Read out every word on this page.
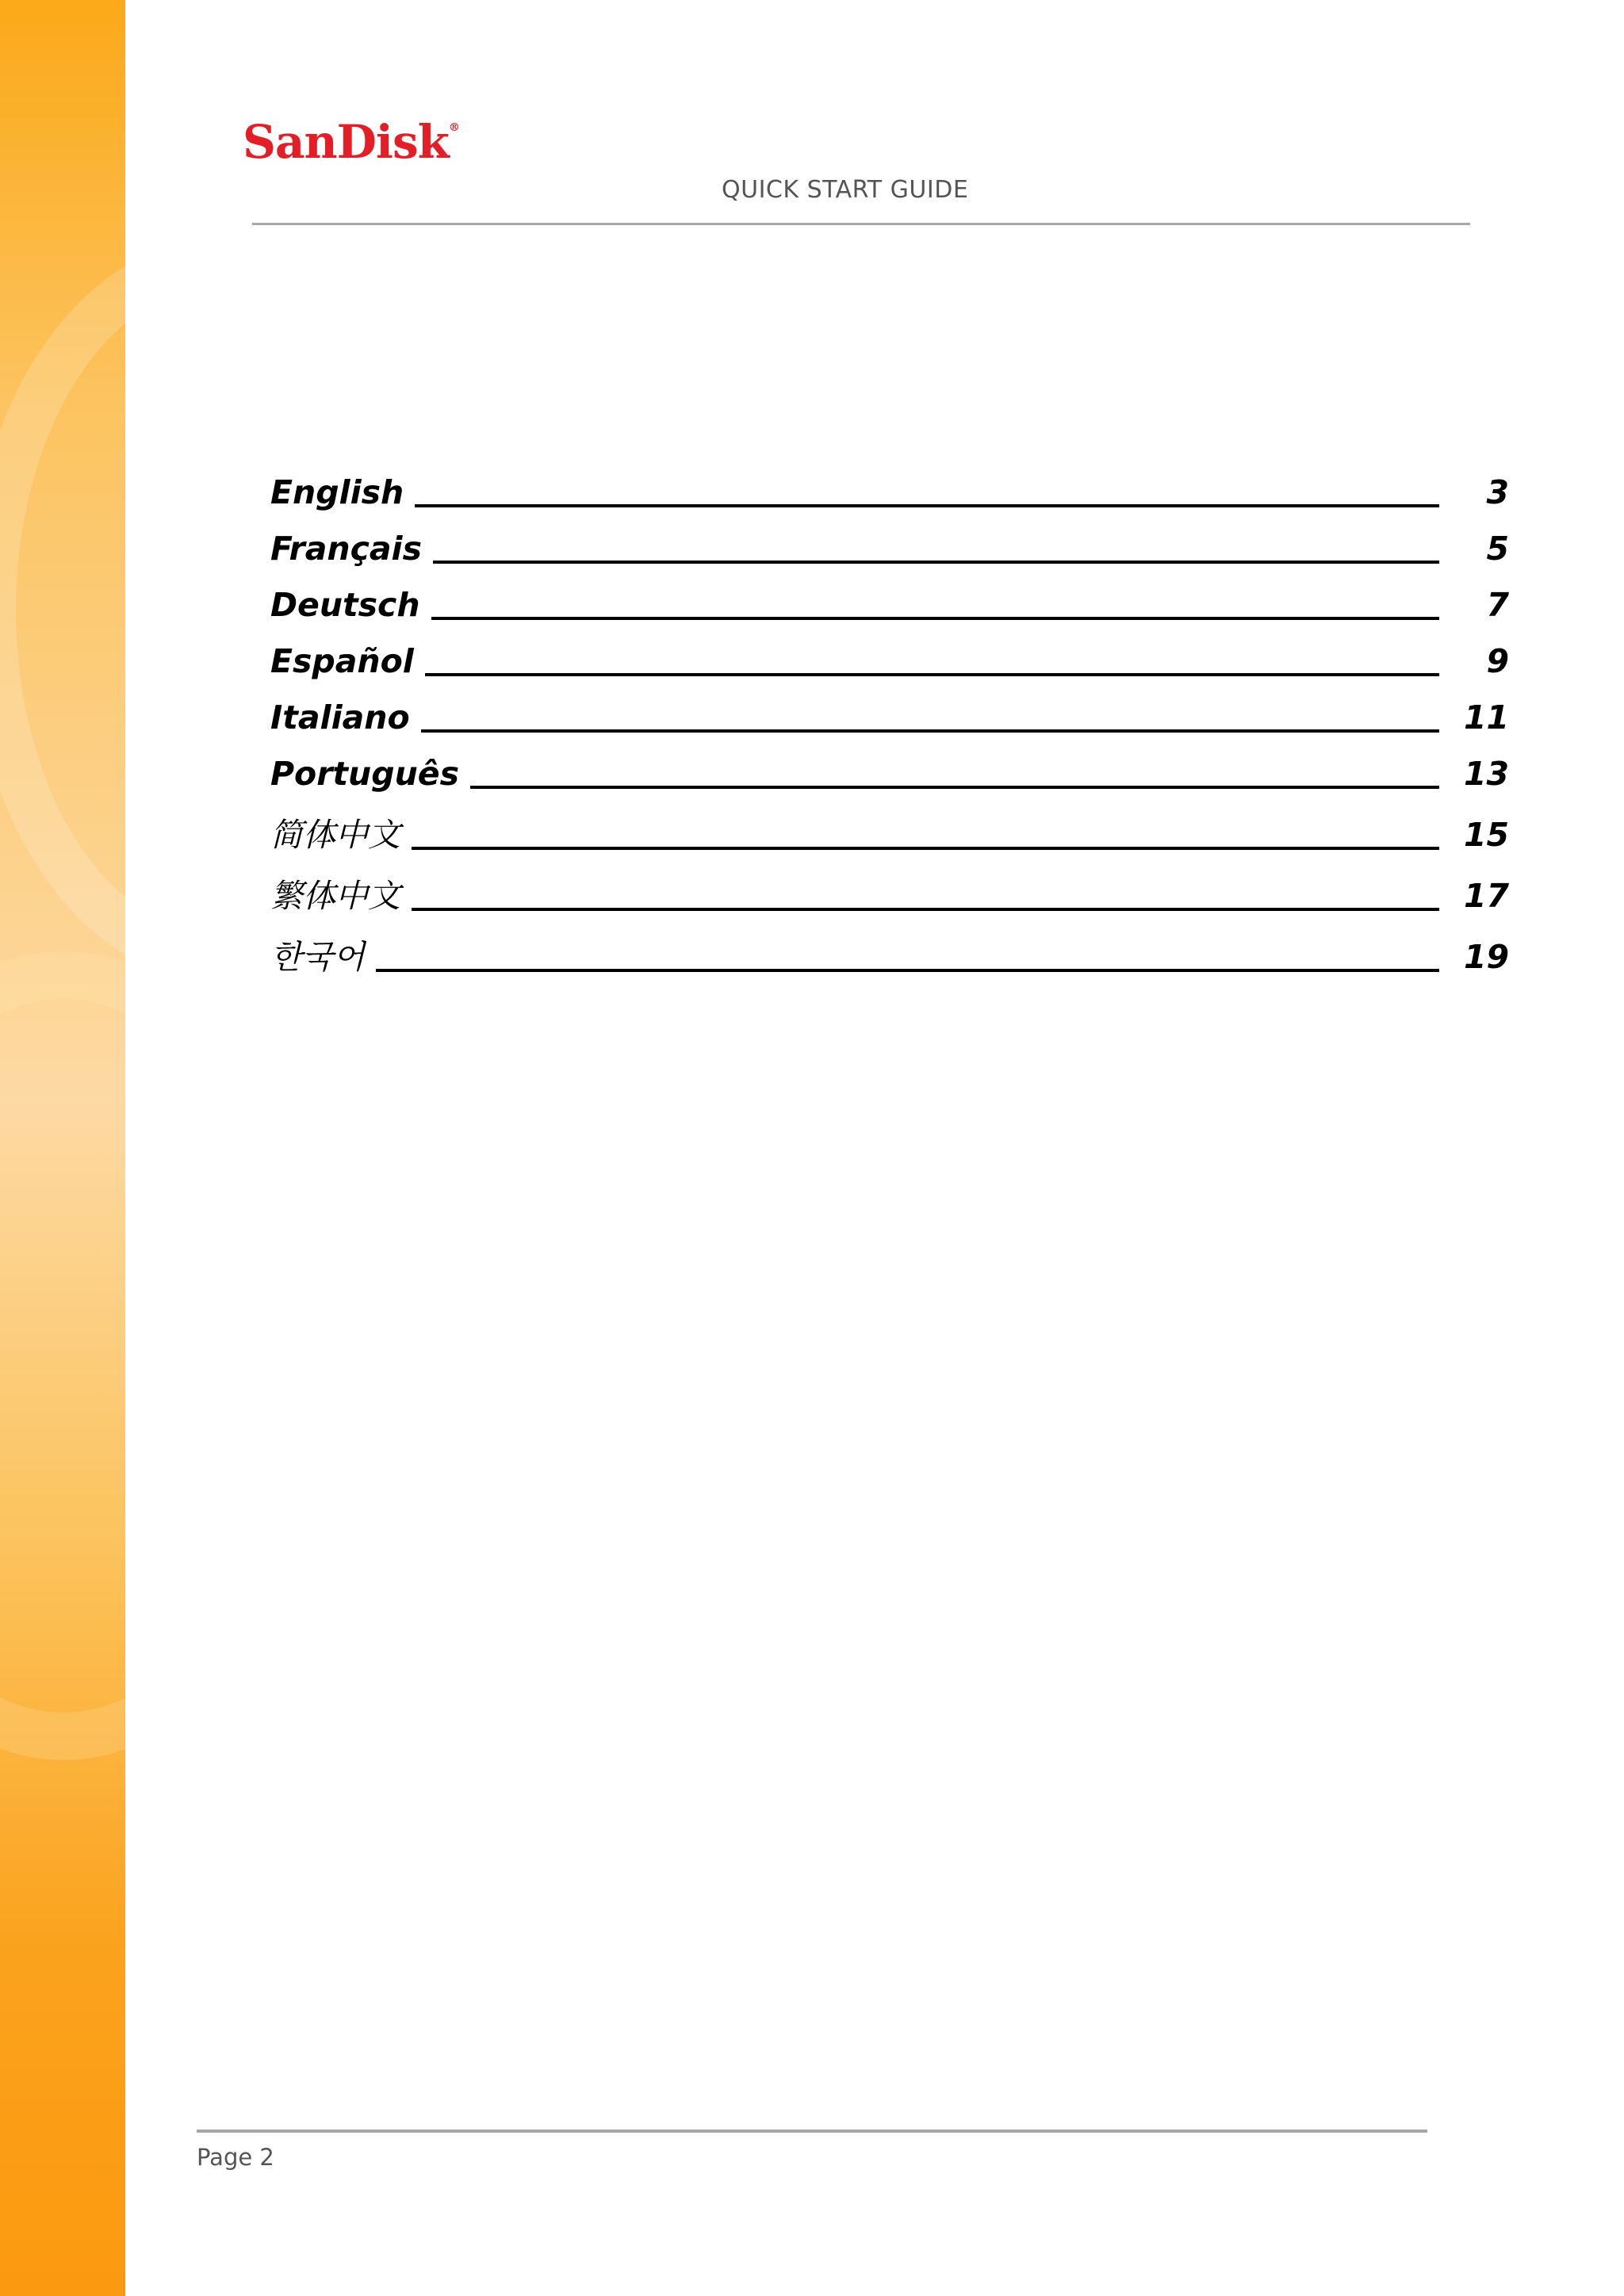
SanDisk®
QUICK START GUIDE
English	3
Français	5
Deutsch	7
Español	9
Italiano	11
Português	13
简体中文	15
繁体中文	17
한국어	19
Page 2
